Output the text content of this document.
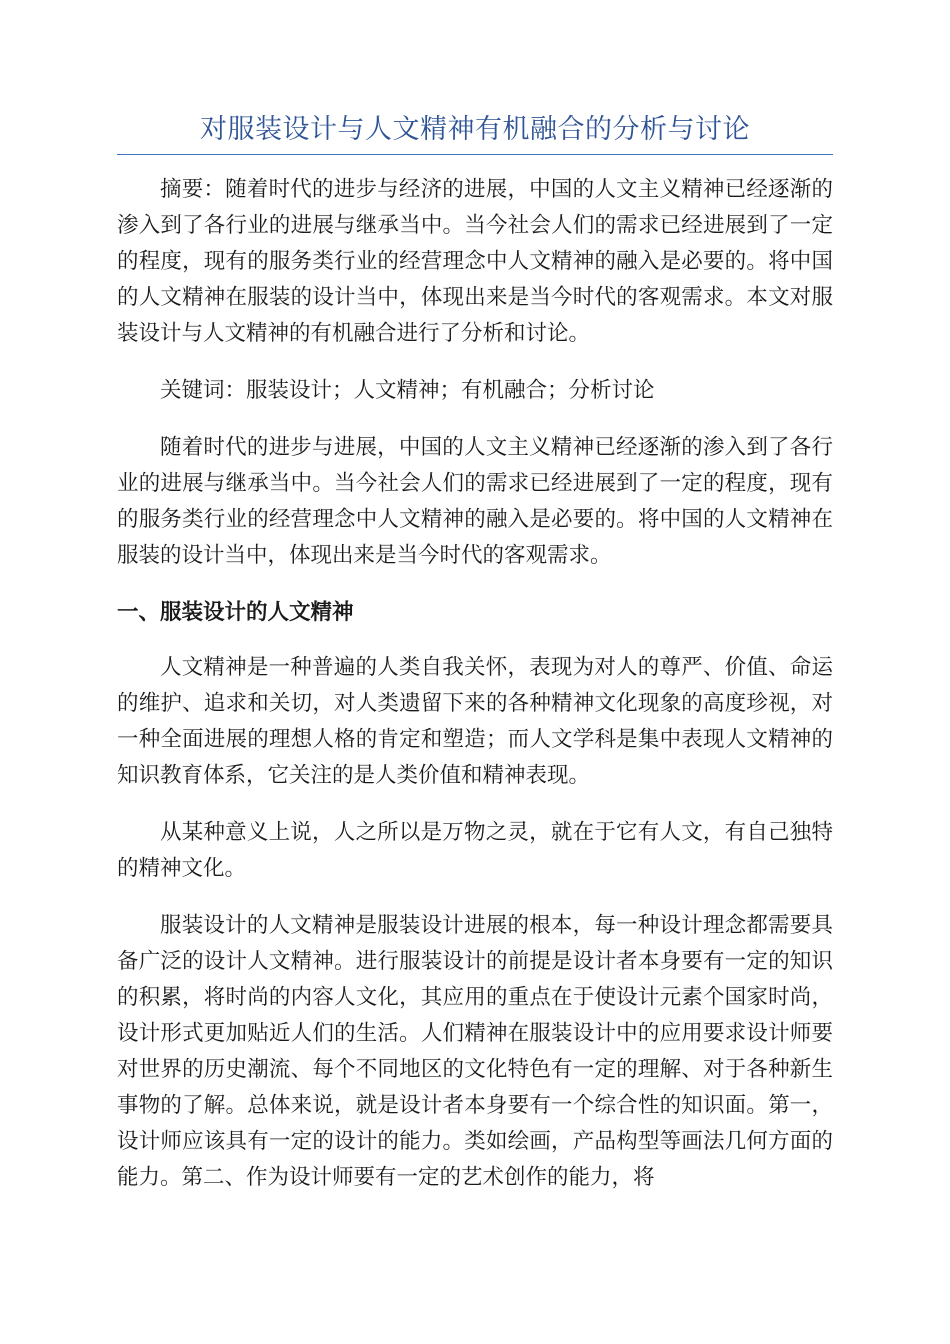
对服装设计与人文精神有机融合的分析与讨论

摘要：随着时代的进步与经济的进展，中国的人文主义精神已经逐渐的渗入到了各行业的进展与继承当中。当今社会人们的需求已经进展到了一定的程度，现有的服务类行业的经营理念中人文精神的融入是必要的。将中国的人文精神在服装的设计当中，体现出来是当今时代的客观需求。本文对服装设计与人文精神的有机融合进行了分析和讨论。

关键词：服装设计；人文精神；有机融合；分析讨论

随着时代的进步与进展，中国的人文主义精神已经逐渐的渗入到了各行业的进展与继承当中。当今社会人们的需求已经进展到了一定的程度，现有的服务类行业的经营理念中人文精神的融入是必要的。将中国的人文精神在服装的设计当中，体现出来是当今时代的客观需求。

一、服装设计的人文精神

人文精神是一种普遍的人类自我关怀，表现为对人的尊严、价值、命运的维护、追求和关切，对人类遗留下来的各种精神文化现象的高度珍视，对一种全面进展的理想人格的肯定和塑造；而人文学科是集中表现人文精神的知识教育体系，它关注的是人类价值和精神表现。

从某种意义上说，人之所以是万物之灵，就在于它有人文，有自己独特的精神文化。

服装设计的人文精神是服装设计进展的根本，每一种设计理念都需要具备广泛的设计人文精神。进行服装设计的前提是设计者本身要有一定的知识的积累，将时尚的内容人文化，其应用的重点在于使设计元素个国家时尚，设计形式更加贴近人们的生活。人们精神在服装设计中的应用要求设计师要对世界的历史潮流、每个不同地区的文化特色有一定的理解、对于各种新生事物的了解。总体来说，就是设计者本身要有一个综合性的知识面。第一，设计师应该具有一定的设计的能力。类如绘画，产品构型等画法几何方面的能力。第二、作为设计师要有一定的艺术创作的能力，将
